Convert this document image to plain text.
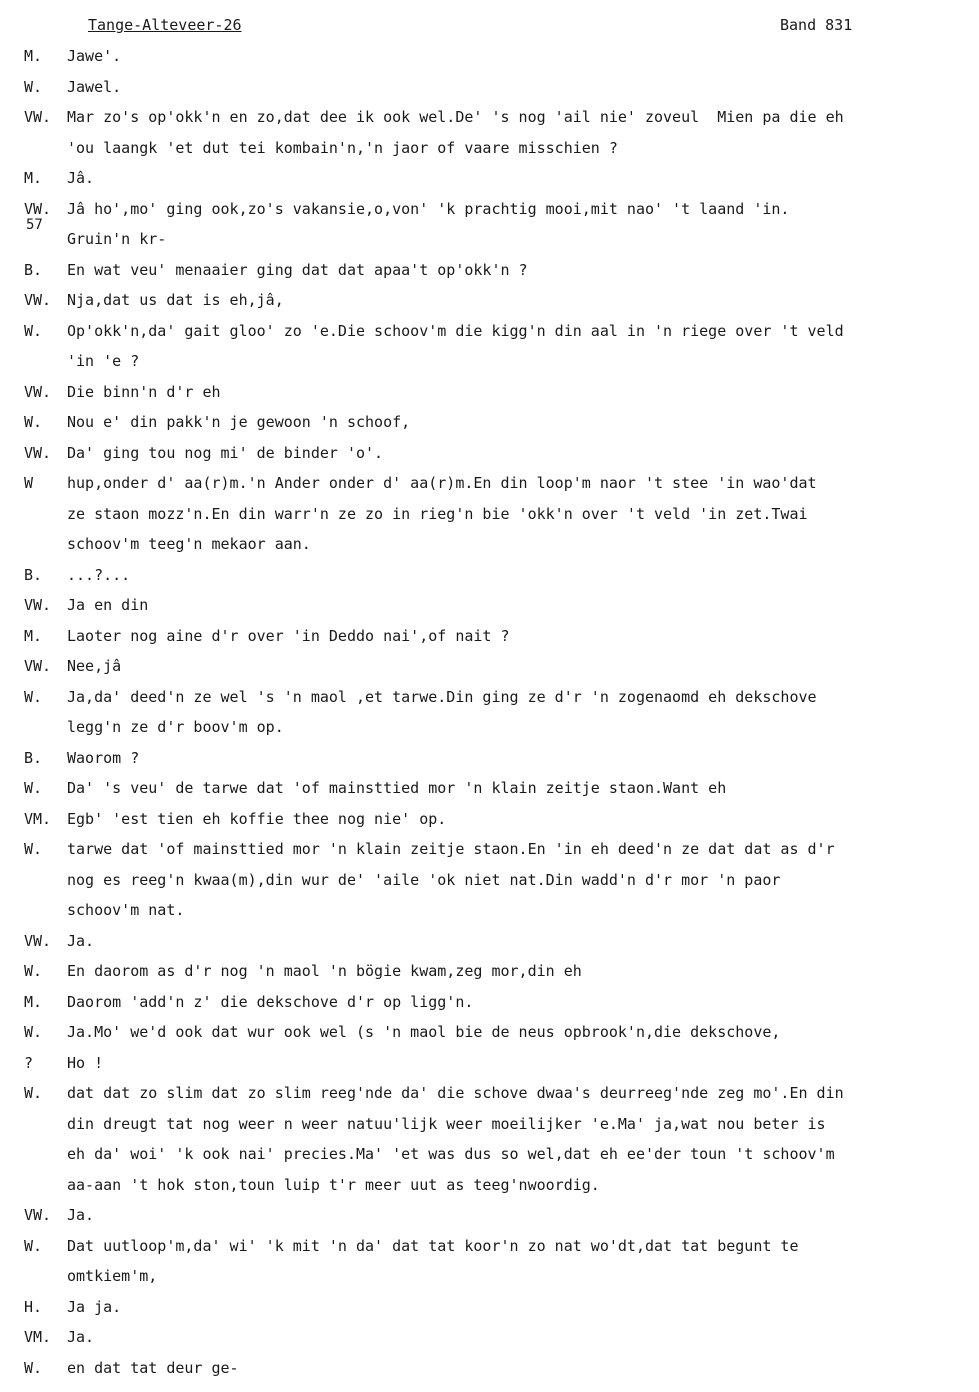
Tange-Alteveer-26	Band 831
M. Jawe'.
W. Jawel.
VW. Mar zo's op'okk'n en zo,dat dee ik ook wel.De' 's nog 'ail nie' zoveul  Mien pa die eh
'ou laangk 'et dut tei kombain'n,'n jaor of vaare misschien ?
M. Jâ.
VW. Jâ ho',mo' ging ook,zo's vakansie,o,von' 'k prachtig mooi,mit nao' 't laand 'in.
Gruin'n kr-
57
B. En wat veu' menaaier ging dat dat apaa't op'okk'n ?
VW. Nja,dat us dat is eh,jâ,
W. Op'okk'n,da' gait gloo' zo 'e.Die schoov'm die kigg'n din aal in 'n riege over 't veld
'in 'e ?
VW. Die binn'n d'r eh
W. Nou e' din pakk'n je gewoon 'n schoof,
VW. Da' ging tou nog mi' de binder 'o'.
W hup,onder d' aa(r)m.'n Ander onder d' aa(r)m.En din loop'm naor 't stee 'in wao'dat
ze staon mozz'n.En din warr'n ze zo in rieg'n bie 'okk'n over 't veld 'in zet.Twai
schoov'm teeg'n mekaor aan.
B. ...?...
VW. Ja en din
M. Laoter nog aine d'r over 'in Deddo nai',of nait ?
VW. Nee,jâ
W. Ja,da' deed'n ze wel 's 'n maol ,et tarwe.Din ging ze d'r 'n zogenaomd eh dekschove
legg'n ze d'r boov'm op.
B. Waorom ?
W. Da' 's veu' de tarwe dat 'of mainsttied mor 'n klain zeitje staon.Want eh
VM. Egb' 'est tien eh koffie thee nog nie' op.
W. tarwe dat 'of mainsttied mor 'n klain zeitje staon.En 'in eh deed'n ze dat dat as d'r
nog es reeg'n kwaa(m),din wur de' 'aile 'ok niet nat.Din wadd'n d'r mor 'n paor
schoov'm nat.
VW. Ja.
W. En daorom as d'r nog 'n maol 'n bögie kwam,zeg mor,din eh
M. Daorom 'add'n z' die dekschove d'r op ligg'n.
W. Ja.Mo' we'd ook dat wur ook wel (s 'n maol bie de neus opbrook'n,die dekschove,
? Ho !
W. dat dat zo slim dat zo slim reeg'nde da' die schove dwaa's deurreeg'nde zeg mo'.En din
din dreugt tat nog weer n weer natuu'lijk weer moeilijker 'e.Ma' ja,wat nou beter is
eh da' woi' 'k ook nai' precies.Ma' 'et was dus so wel,dat eh ee'der toun 't schoov'm
aa-aan 't hok ston,toun luip t'r meer uut as teeg'nwoordig.
VW. Ja.
W. Dat uutloop'm,da' wi' 'k mit 'n da' dat tat koor'n zo nat wo'dt,dat tat begunt te
omtkiem'm,
H. Ja ja.
VM. Ja.
W. en dat tat deur ge-
